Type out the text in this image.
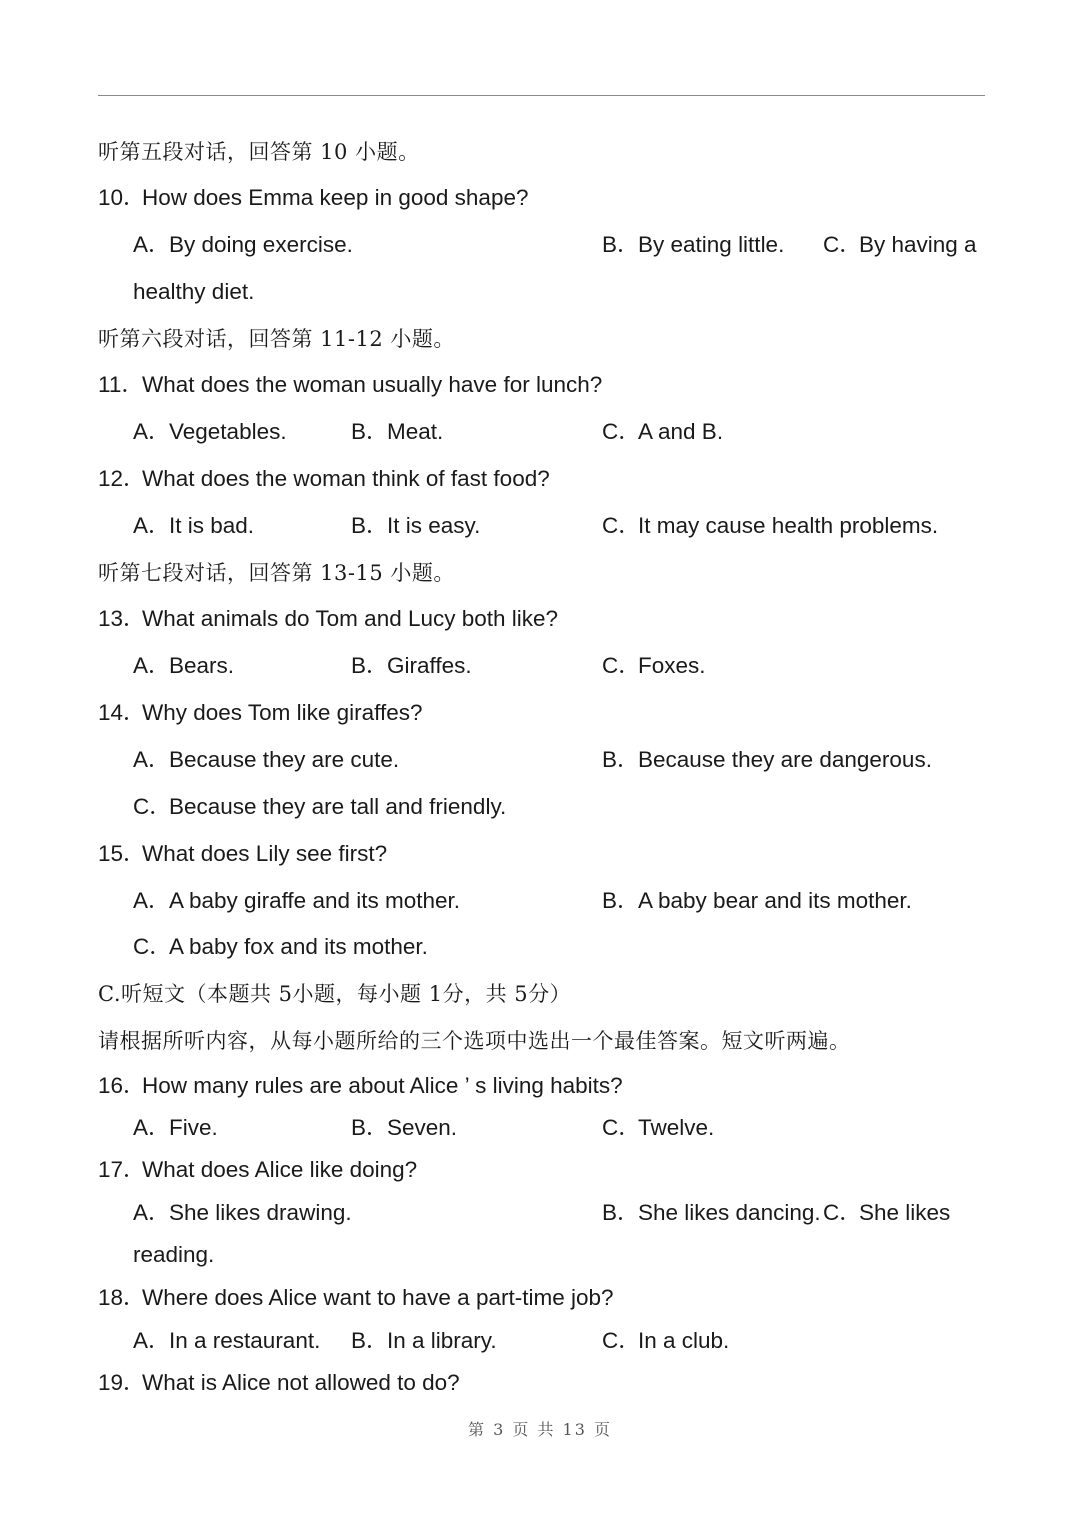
听第五段对话，回答第 10 小题。
10．How does Emma keep in good shape?
A．By doing exercise.	B．By eating little. C．By having a
healthy diet.
听第六段对话，回答第 11-12 小题。
11．What does the woman usually have for lunch?
A．Vegetables.	B．Meat.	C．A and B.
12．What does the woman think of fast food?
A．It is bad.	B．It is easy.	C．It may cause health problems.
听第七段对话，回答第 13-15 小题。
13．What animals do Tom and Lucy both like?
A．Bears.	B．Giraffes.	C．Foxes.
14．Why does Tom like giraffes?
A．Because they are cute.	B．Because they are dangerous.
C．Because they are tall and friendly.
15．What does Lily see first?
A．A baby giraffe and its mother.	B．A baby bear and its mother.
C．A baby fox and its mother.
C.听短文（本题共 5小题，每小题 1分，共 5分）
请根据所听内容，从每小题所给的三个选项中选出一个最佳答案。短文听两遍。
16．How many rules are about Alice ’ s living habits?
A．Five.	B．Seven.	C．Twelve.
17．What does Alice like doing?
A．She likes drawing.	B．She likes dancing. C．She likes
reading.
18．Where does Alice want to have a part-time job?
A．In a restaurant. B．In a library.	C．In a club.
19．What is Alice not allowed to do?
第 3 页 共 13 页
